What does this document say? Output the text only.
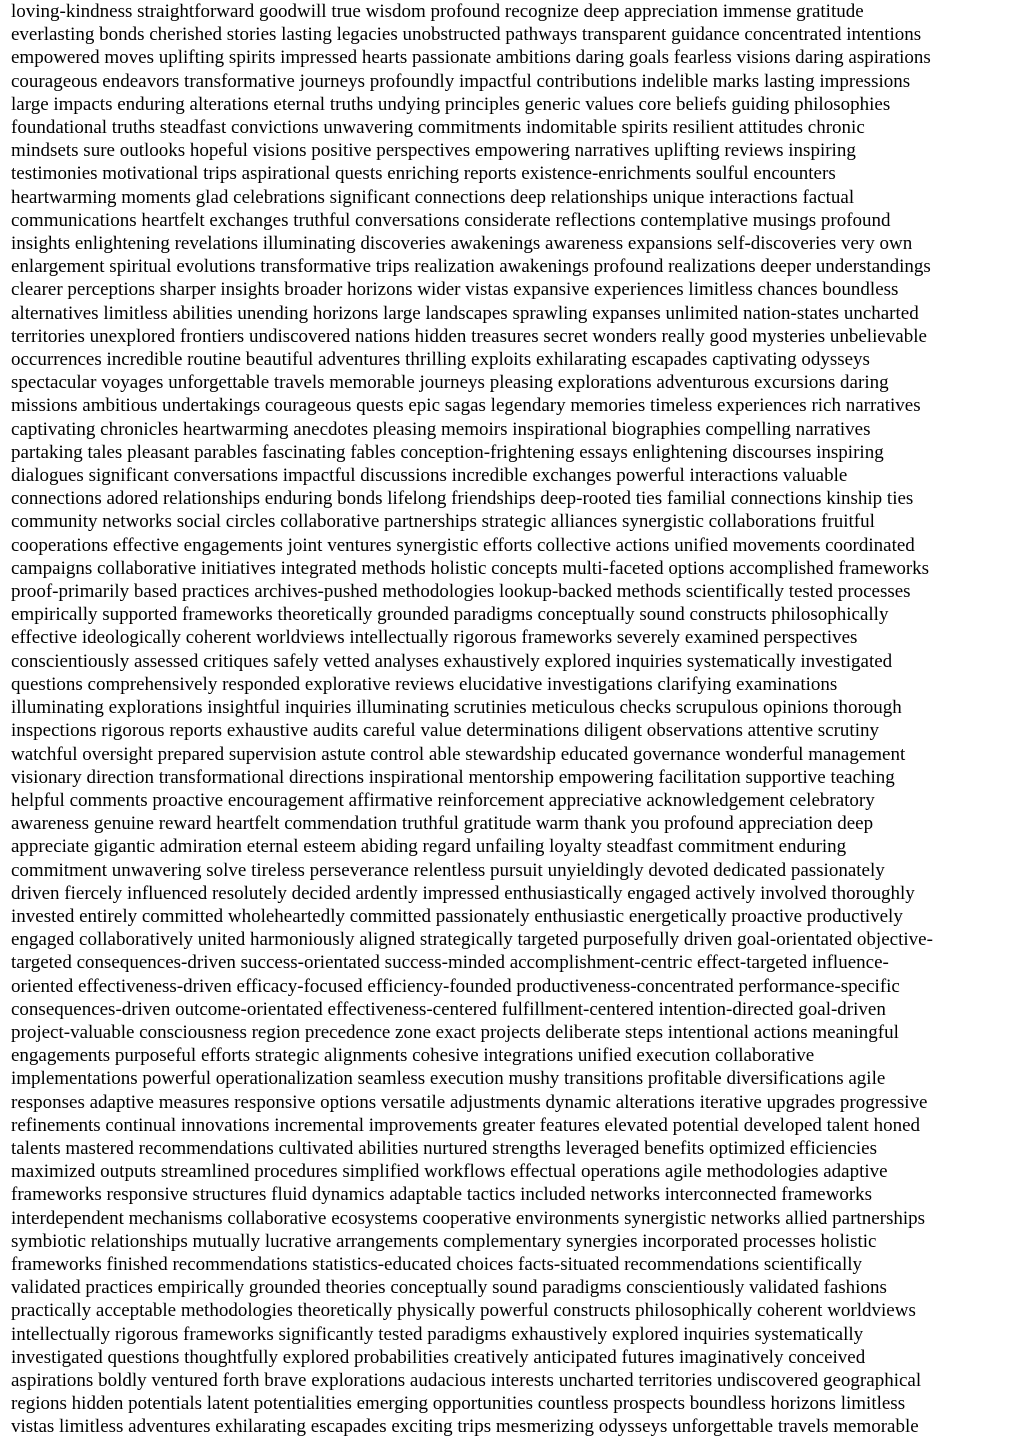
loving-kindness straightforward goodwill true wisdom profound recognize deep appreciation immense gratitude
everlasting bonds cherished stories lasting legacies unobstructed pathways transparent guidance concentrated intentions
empowered moves uplifting spirits impressed hearts passionate ambitions daring goals fearless visions daring aspirations
courageous endeavors transformative journeys profoundly impactful contributions indelible marks lasting impressions
large impacts enduring alterations eternal truths undying principles generic values core beliefs guiding philosophies
foundational truths steadfast convictions unwavering commitments indomitable spirits resilient attitudes chronic
mindsets sure outlooks hopeful visions positive perspectives empowering narratives uplifting reviews inspiring
testimonies motivational trips aspirational quests enriching reports existence-enrichments soulful encounters
heartwarming moments glad celebrations significant connections deep relationships unique interactions factual
communications heartfelt exchanges truthful conversations considerate reflections contemplative musings profound
insights enlightening revelations illuminating discoveries awakenings awareness expansions self-discoveries very own
enlargement spiritual evolutions transformative trips realization awakenings profound realizations deeper understandings
clearer perceptions sharper insights broader horizons wider vistas expansive experiences limitless chances boundless
alternatives limitless abilities unending horizons large landscapes sprawling expanses unlimited nation-states uncharted
territories unexplored frontiers undiscovered nations hidden treasures secret wonders really good mysteries unbelievable
occurrences incredible routine beautiful adventures thrilling exploits exhilarating escapades captivating odysseys
spectacular voyages unforgettable travels memorable journeys pleasing explorations adventurous excursions daring
missions ambitious undertakings courageous quests epic sagas legendary memories timeless experiences rich narratives
captivating chronicles heartwarming anecdotes pleasing memoirs inspirational biographies compelling narratives
partaking tales pleasant parables fascinating fables conception-frightening essays enlightening discourses inspiring
dialogues significant conversations impactful discussions incredible exchanges powerful interactions valuable
connections adored relationships enduring bonds lifelong friendships deep-rooted ties familial connections kinship ties
community networks social circles collaborative partnerships strategic alliances synergistic collaborations fruitful
cooperations effective engagements joint ventures synergistic efforts collective actions unified movements coordinated
campaigns collaborative initiatives integrated methods holistic concepts multi-faceted options accomplished frameworks
proof-primarily based practices archives-pushed methodologies lookup-backed methods scientifically tested processes
empirically supported frameworks theoretically grounded paradigms conceptually sound constructs philosophically
effective ideologically coherent worldviews intellectually rigorous frameworks severely examined perspectives
conscientiously assessed critiques safely vetted analyses exhaustively explored inquiries systematically investigated
questions comprehensively responded explorative reviews elucidative investigations clarifying examinations
illuminating explorations insightful inquiries illuminating scrutinies meticulous checks scrupulous opinions thorough
inspections rigorous reports exhaustive audits careful value determinations diligent observations attentive scrutiny
watchful oversight prepared supervision astute control able stewardship educated governance wonderful management
visionary direction transformational directions inspirational mentorship empowering facilitation supportive teaching
helpful comments proactive encouragement affirmative reinforcement appreciative acknowledgement celebratory
awareness genuine reward heartfelt commendation truthful gratitude warm thank you profound appreciation deep
appreciate gigantic admiration eternal esteem abiding regard unfailing loyalty steadfast commitment enduring
commitment unwavering solve tireless perseverance relentless pursuit unyieldingly devoted dedicated passionately
driven fiercely influenced resolutely decided ardently impressed enthusiastically engaged actively involved thoroughly
invested entirely committed wholeheartedly committed passionately enthusiastic energetically proactive productively
engaged collaboratively united harmoniously aligned strategically targeted purposefully driven goal-orientated objective-
targeted consequences-driven success-orientated success-minded accomplishment-centric effect-targeted influence-
oriented effectiveness-driven efficacy-focused efficiency-founded productiveness-concentrated performance-specific
consequences-driven outcome-orientated effectiveness-centered fulfillment-centered intention-directed goal-driven
project-valuable consciousness region precedence zone exact projects deliberate steps intentional actions meaningful
engagements purposeful efforts strategic alignments cohesive integrations unified execution collaborative
implementations powerful operationalization seamless execution mushy transitions profitable diversifications agile
responses adaptive measures responsive options versatile adjustments dynamic alterations iterative upgrades progressive
refinements continual innovations incremental improvements greater features elevated potential developed talent honed
talents mastered recommendations cultivated abilities nurtured strengths leveraged benefits optimized efficiencies
maximized outputs streamlined procedures simplified workflows effectual operations agile methodologies adaptive
frameworks responsive structures fluid dynamics adaptable tactics included networks interconnected frameworks
interdependent mechanisms collaborative ecosystems cooperative environments synergistic networks allied partnerships
symbiotic relationships mutually lucrative arrangements complementary synergies incorporated processes holistic
frameworks finished recommendations statistics-educated choices facts-situated recommendations scientifically
validated practices empirically grounded theories conceptually sound paradigms conscientiously validated fashions
practically acceptable methodologies theoretically physically powerful constructs philosophically coherent worldviews
intellectually rigorous frameworks significantly tested paradigms exhaustively explored inquiries systematically
investigated questions thoughtfully explored probabilities creatively anticipated futures imaginatively conceived
aspirations boldly ventured forth brave explorations audacious interests uncharted territories undiscovered geographical
regions hidden potentials latent potentialities emerging opportunities countless prospects boundless horizons limitless
vistas limitless adventures exhilarating escapades exciting trips mesmerizing odysseys unforgettable travels memorable
